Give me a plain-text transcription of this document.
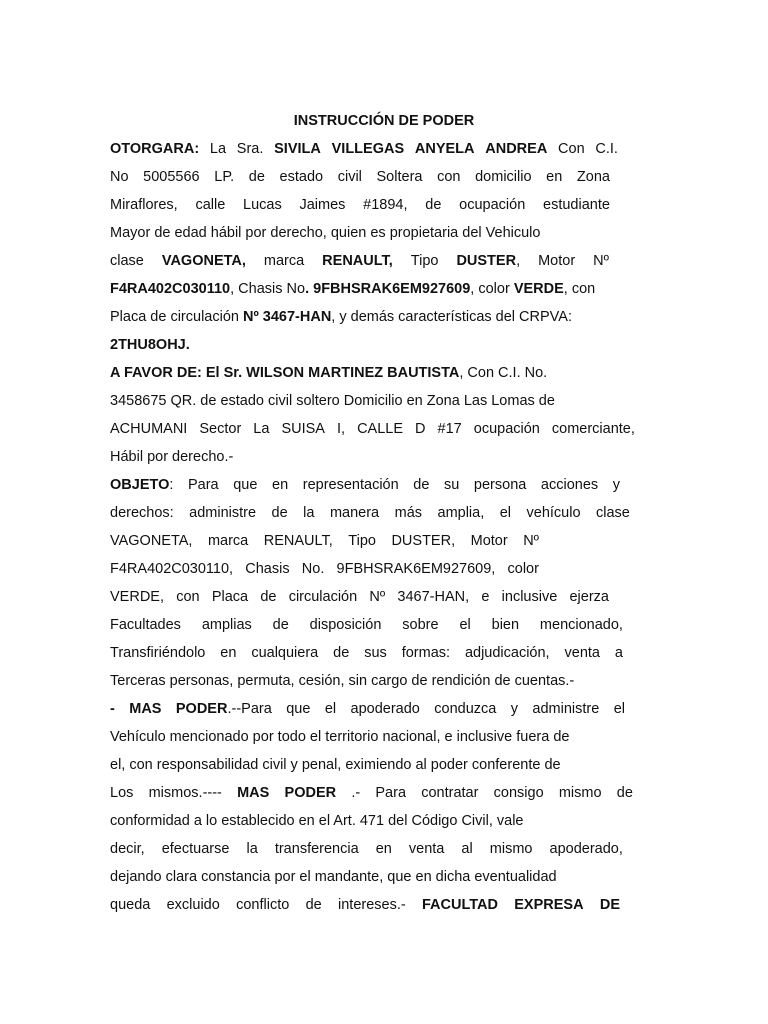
INSTRUCCIÓN DE PODER
OTORGARA: La Sra. SIVILA VILLEGAS ANYELA ANDREA Con C.I.
No 5005566 LP. de estado civil Soltera con domicilio en Zona
Miraflores, calle Lucas Jaimes #1894, de ocupación estudiante
Mayor de edad hábil por derecho, quien es propietaria del Vehiculo
clase VAGONETA, marca RENAULT, Tipo DUSTER, Motor Nº
F4RA402C030110, Chasis No. 9FBHSRAK6EM927609, color VERDE, con
Placa de circulación Nº 3467-HAN, y demás características del CRPVA:
2THU8OHJ.
A FAVOR DE: El Sr. WILSON MARTINEZ BAUTISTA, Con C.I. No.
3458675 QR. de estado civil soltero Domicilio en Zona Las Lomas de
ACHUMANI Sector La SUISA I, CALLE D #17 ocupación comerciante,
Hábil por derecho.-
OBJETO: Para que en representación de su persona acciones y
derechos: administre de la manera más amplia, el vehículo clase
VAGONETA, marca RENAULT, Tipo DUSTER, Motor Nº
F4RA402C030110, Chasis No. 9FBHSRAK6EM927609, color
VERDE, con Placa de circulación Nº 3467-HAN, e inclusive ejerza
Facultades amplias de disposición sobre el bien mencionado,
Transfiriéndolo en cualquiera de sus formas: adjudicación, venta a
Terceras personas, permuta, cesión, sin cargo de rendición de cuentas.-
- MAS PODER.--Para que el apoderado conduzca y administre el
Vehículo mencionado por todo el territorio nacional, e inclusive fuera de
el, con responsabilidad civil y penal, eximiendo al poder conferente de
Los mismos.---- MAS PODER .- Para contratar consigo mismo de
conformidad a lo establecido en el Art. 471 del Código Civil, vale
decir, efectuarse la transferencia en venta al mismo apoderado,
dejando clara constancia por el mandante, que en dicha eventualidad
queda excluido conflicto de intereses.- FACULTAD EXPRESA DE
